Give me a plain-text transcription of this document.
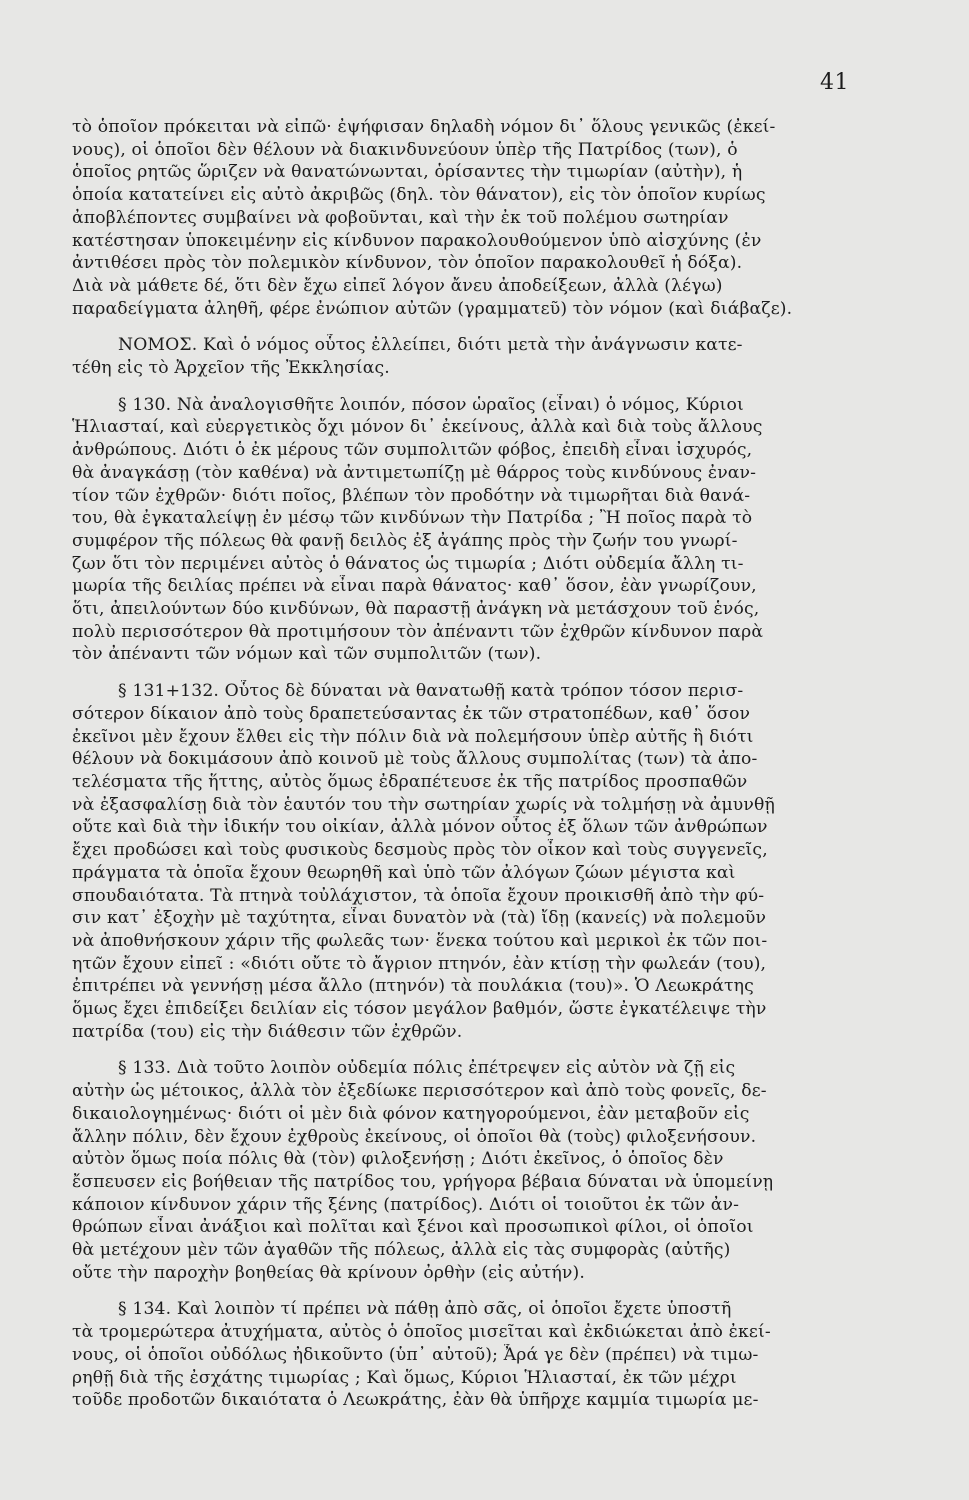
41
τὸ ὁποῖον πρόκειται νὰ εἰπῶ· ἐψήφισαν δηλαδὴ νόμον δι᾽ ὅλους γενικῶς (ἐκεί-
νους), οἱ ὁποῖοι δὲν θέλουν νὰ διακινδυνεύουν ὑπὲρ τῆς Πατρίδος (των), ὁ
ὁποῖος ρητῶς ὥριζεν νὰ θανατώνωνται, ὁρίσαντες τὴν τιμωρίαν (αὐτὴν), ἡ
ὁποία κατατείνει εἰς αὐτὸ ἀκριβῶς (δηλ. τὸν θάνατον), εἰς τὸν ὁποῖον κυρίως
ἀποβλέποντες συμβαίνει νὰ φοβοῦνται, καὶ τὴν ἐκ τοῦ πολέμου σωτηρίαν
κατέστησαν ὑποκειμένην εἰς κίνδυνον παρακολουθούμενον ὑπὸ αἰσχύνης (ἐν
ἀντιθέσει πρὸς τὸν πολεμικὸν κίνδυνον, τὸν ὁποῖον παρακολουθεῖ ἡ δόξα).
Διὰ νὰ μάθετε δέ, ὅτι δὲν ἔχω εἰπεῖ λόγον ἄνευ ἀποδείξεων, ἀλλὰ (λέγω)
παραδείγματα ἀληθῆ, φέρε ἐνώπιον αὐτῶν (γραμματεῦ) τὸν νόμον (καὶ διάβαζε).
ΝΟΜΟΣ. Καὶ ὁ νόμος οὗτος ἐλλείπει, διότι μετὰ τὴν ἀνάγνωσιν κατε-
τέθη εἰς τὸ Ἀρχεῖον τῆς Ἐκκλησίας.
§ 130. Νὰ ἀναλογισθῆτε λοιπόν, πόσον ὡραῖος (εἶναι) ὁ νόμος, Κύριοι
Ἡλιασταί, καὶ εὐεργετικὸς ὄχι μόνον δι᾽ ἐκείνους, ἀλλὰ καὶ διὰ τοὺς ἄλλους
ἀνθρώπους. Διότι ὁ ἐκ μέρους τῶν συμπολιτῶν φόβος, ἐπειδὴ εἶναι ἰσχυρός,
θὰ ἀναγκάσῃ (τὸν καθένα) νὰ ἀντιμετωπίζῃ μὲ θάρρος τοὺς κινδύνους ἐναν-
τίον τῶν ἐχθρῶν· διότι ποῖος, βλέπων τὸν προδότην νὰ τιμωρῆται διὰ θανά-
του, θὰ ἐγκαταλείψῃ ἐν μέσῳ τῶν κινδύνων τὴν Πατρίδα ; Ἢ ποῖος παρὰ τὸ
συμφέρον τῆς πόλεως θὰ φανῇ δειλὸς ἐξ ἀγάπης πρὸς τὴν ζωήν του γνωρί-
ζων ὅτι τὸν περιμένει αὐτὸς ὁ θάνατος ὡς τιμωρία ; Διότι οὐδεμία ἄλλη τι-
μωρία τῆς δειλίας πρέπει νὰ εἶναι παρὰ θάνατος· καθ᾽ ὅσον, ἐὰν γνωρίζουν,
ὅτι, ἀπειλούντων δύο κινδύνων, θὰ παραστῇ ἀνάγκη νὰ μετάσχουν τοῦ ἑνός,
πολὺ περισσότερον θὰ προτιμήσουν τὸν ἀπέναντι τῶν ἐχθρῶν κίνδυνον παρὰ
τὸν ἀπέναντι τῶν νόμων καὶ τῶν συμπολιτῶν (των).
§ 131+132. Οὗτος δὲ δύναται νὰ θανατωθῇ κατὰ τρόπον τόσον περισ-
σότερον δίκαιον ἀπὸ τοὺς δραπετεύσαντας ἐκ τῶν στρατοπέδων, καθ᾽ ὅσον
ἐκεῖνοι μὲν ἔχουν ἔλθει εἰς τὴν πόλιν διὰ νὰ πολεμήσουν ὑπὲρ αὐτῆς ἢ διότι
θέλουν νὰ δοκιμάσουν ἀπὸ κοινοῦ μὲ τοὺς ἄλλους συμπολίτας (των) τὰ ἀπο-
τελέσματα τῆς ἥττης, αὐτὸς ὅμως ἐδραπέτευσε ἐκ τῆς πατρίδος προσπαθῶν
νὰ ἐξασφαλίσῃ διὰ τὸν ἑαυτόν του τὴν σωτηρίαν χωρίς νὰ τολμήσῃ νὰ ἀμυνθῇ
οὔτε καὶ διὰ τὴν ἰδικήν του οἰκίαν, ἀλλὰ μόνον οὗτος ἐξ ὅλων τῶν ἀνθρώπων
ἔχει προδώσει καὶ τοὺς φυσικοὺς δεσμοὺς πρὸς τὸν οἶκον καὶ τοὺς συγγενεῖς,
πράγματα τὰ ὁποῖα ἔχουν θεωρηθῆ καὶ ὑπὸ τῶν ἀλόγων ζώων μέγιστα καὶ
σπουδαιότατα. Τὰ πτηνὰ τοὐλάχιστον, τὰ ὁποῖα ἔχουν προικισθῆ ἀπὸ τὴν φύ-
σιν κατ᾽ ἐξοχὴν μὲ ταχύτητα, εἶναι δυνατὸν νὰ (τὰ) ἴδῃ (κανείς) νὰ πολεμοῦν
νὰ ἀποθνήσκουν χάριν τῆς φωλεᾶς των· ἕνεκα τούτου καὶ μερικοὶ ἐκ τῶν ποι-
ητῶν ἔχουν εἰπεῖ : «διότι οὔτε τὸ ἄγριον πτηνόν, ἐὰν κτίσῃ τὴν φωλεάν (του),
ἐπιτρέπει νὰ γεννήσῃ μέσα ἄλλο (πτηνόν) τὰ πουλάκια (του)». Ὁ Λεωκράτης
ὅμως ἔχει ἐπιδείξει δειλίαν εἰς τόσον μεγάλον βαθμόν, ὥστε ἐγκατέλειψε τὴν
πατρίδα (του) εἰς τὴν διάθεσιν τῶν ἐχθρῶν.
§ 133. Διὰ τοῦτο λοιπὸν οὐδεμία πόλις ἐπέτρεψεν εἰς αὐτὸν νὰ ζῇ εἰς
αὐτὴν ὡς μέτοικος, ἀλλὰ τὸν ἐξεδίωκε περισσότερον καὶ ἀπὸ τοὺς φονεῖς, δε-
δικαιολογημένως· διότι οἱ μὲν διὰ φόνον κατηγορούμενοι, ἐὰν μεταβοῦν εἰς
ἄλλην πόλιν, δὲν ἔχουν ἐχθροὺς ἐκείνους, οἱ ὁποῖοι θὰ (τοὺς) φιλοξενήσουν.
αὐτὸν ὅμως ποία πόλις θὰ (τὸν) φιλοξενήσῃ ; Διότι ἐκεῖνος, ὁ ὁποῖος δὲν
ἔσπευσεν εἰς βοήθειαν τῆς πατρίδος του, γρήγορα βέβαια δύναται νὰ ὑπομείνῃ
κάποιον κίνδυνον χάριν τῆς ξένης (πατρίδος). Διότι οἱ τοιοῦτοι ἐκ τῶν ἀν-
θρώπων εἶναι ἀνάξιοι καὶ πολῖται καὶ ξένοι καὶ προσωπικοὶ φίλοι, οἱ ὁποῖοι
θὰ μετέχουν μὲν τῶν ἀγαθῶν τῆς πόλεως, ἀλλὰ εἰς τὰς συμφορὰς (αὐτῆς)
οὔτε τὴν παροχὴν βοηθείας θὰ κρίνουν ὀρθὴν (εἰς αὐτήν).
§ 134. Καὶ λοιπὸν τί πρέπει νὰ πάθῃ ἀπὸ σᾶς, οἱ ὁποῖοι ἔχετε ὑποστῆ
τὰ τρομερώτερα ἀτυχήματα, αὐτὸς ὁ ὁποῖος μισεῖται καὶ ἐκδιώκεται ἀπὸ ἐκεί-
νους, οἱ ὁποῖοι οὐδόλως ἠδικοῦντο (ὑπ᾽ αὐτοῦ); Ἆρά γε δὲν (πρέπει) νὰ τιμω-
ρηθῇ διὰ τῆς ἐσχάτης τιμωρίας ; Καὶ ὅμως, Κύριοι Ἡλιασταί, ἐκ τῶν μέχρι
τοῦδε προδοτῶν δικαιότατα ὁ Λεωκράτης, ἐὰν θὰ ὑπῆρχε καμμία τιμωρία με-
